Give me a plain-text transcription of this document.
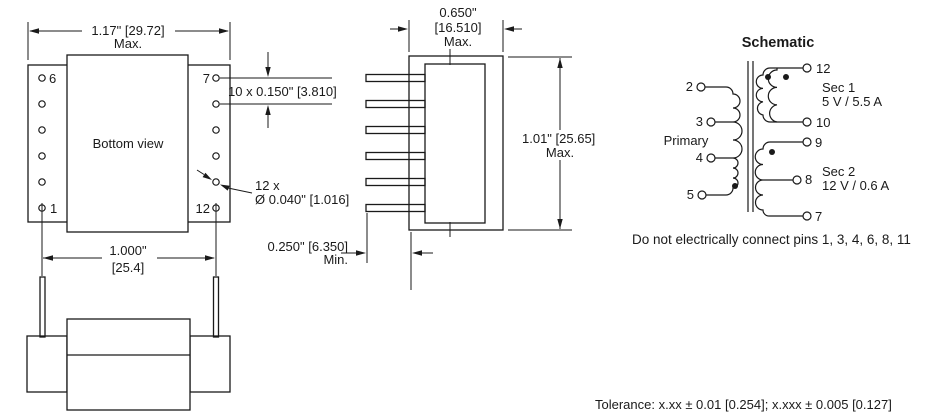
Bottom view
6
1
7
12
1.17" [29.72]
Max.
10 x 0.150" [3.810]
12 x
Ø 0.040" [1.016]
1.000"
[25.4]
0.650"
[16.510]
Max.
1.01" [25.65]
Max.
0.250" [6.350]
Min.
Schematic
2
3
4
5
Primary
12
10
9
8
7
Sec 1
5 V / 5.5 A
Sec 2
12 V / 0.6 A
Do not electrically connect pins 1, 3, 4, 6, 8, 11
Tolerance: x.xx ± 0.01 [0.254]; x.xxx ± 0.005 [0.127]
